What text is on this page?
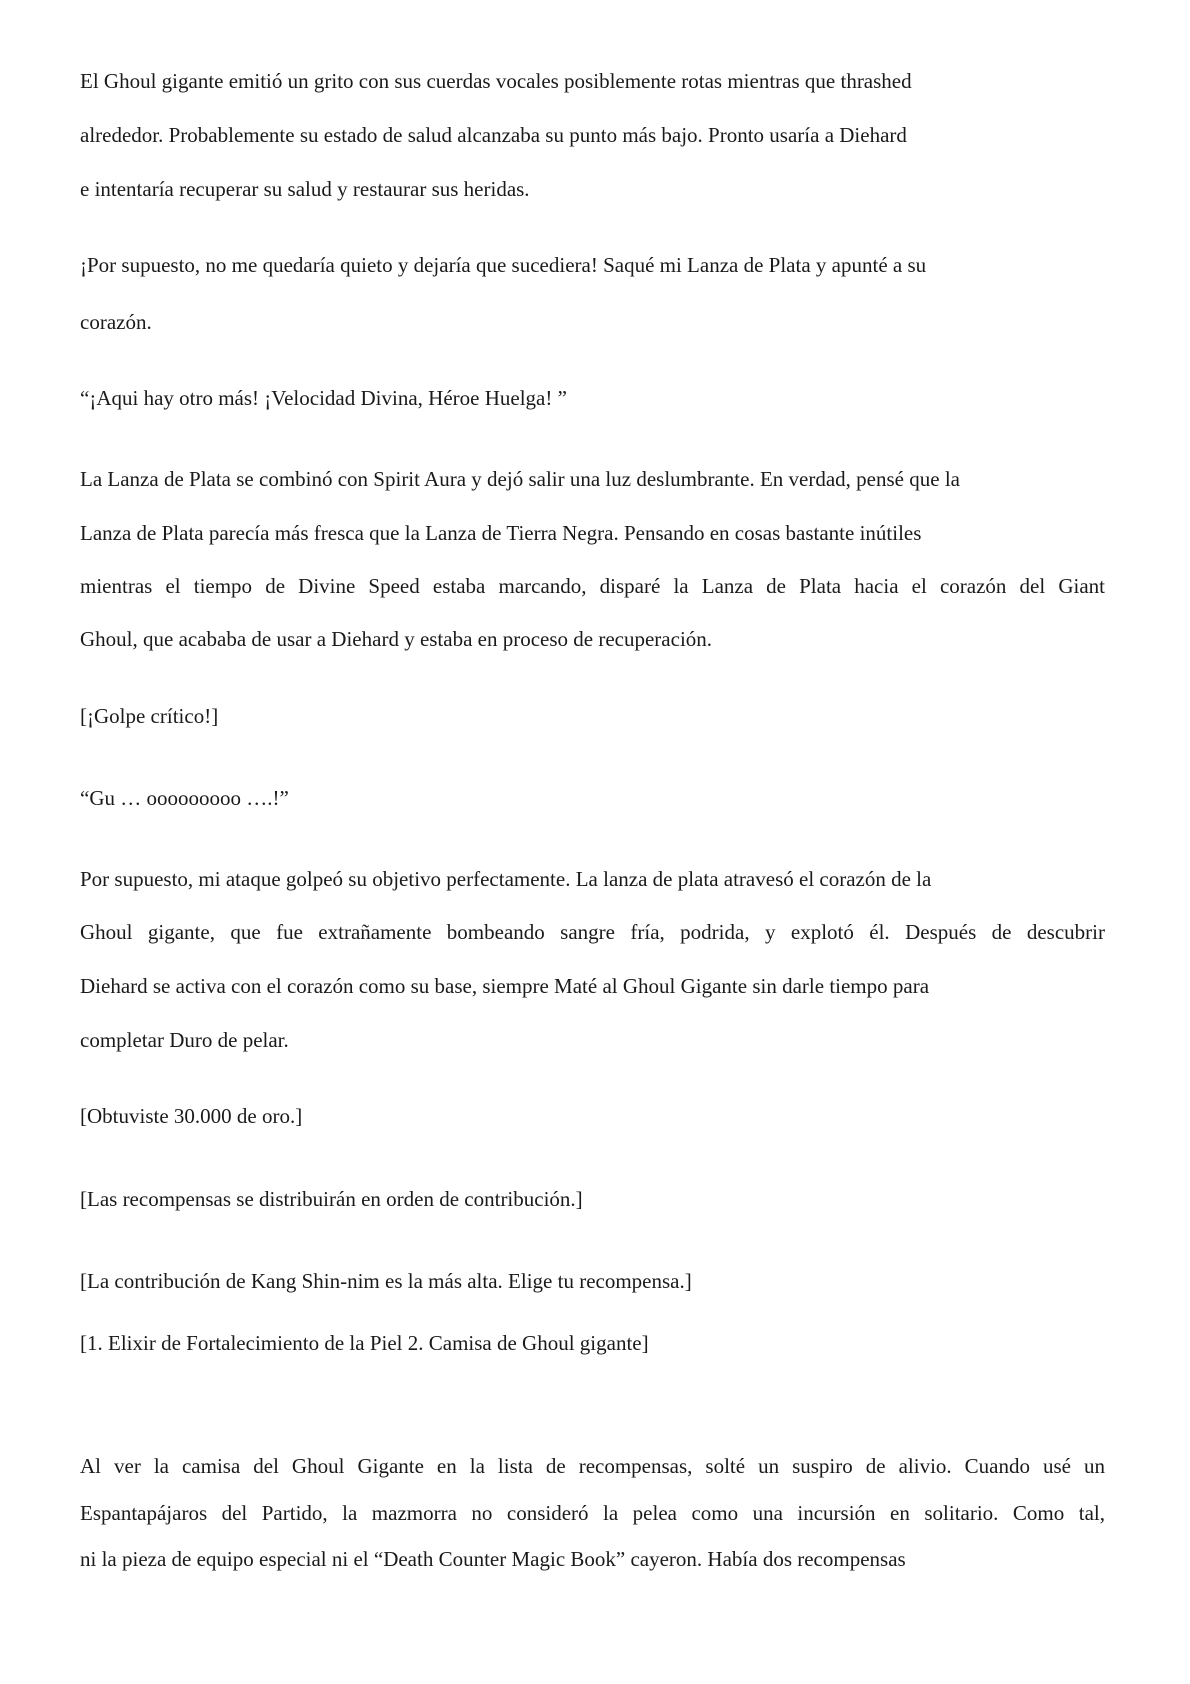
El Ghoul gigante emitió un grito con sus cuerdas vocales posiblemente rotas mientras que thrashed

alrededor. Probablemente su estado de salud alcanzaba su punto más bajo. Pronto usaría a Diehard

e intentaría recuperar su salud y restaurar sus heridas.

¡Por supuesto, no me quedaría quieto y dejaría que sucediera! Saqué mi Lanza de Plata y apunté a su

corazón.

“¡Aqui hay otro más! ¡Velocidad Divina, Héroe Huelga! ”

La Lanza de Plata se combinó con Spirit Aura y dejó salir una luz deslumbrante. En verdad, pensé que la

Lanza de Plata parecía más fresca que la Lanza de Tierra Negra. Pensando en cosas bastante inútiles

mientras el tiempo de Divine Speed estaba marcando, disparé la Lanza de Plata hacia el corazón del Giant

Ghoul, que acababa de usar a Diehard y estaba en proceso de recuperación.

[¡Golpe crítico!]

“Gu … ooooooooo ….!”

Por supuesto, mi ataque golpeó su objetivo perfectamente. La lanza de plata atravesó el corazón de la

Ghoul gigante, que fue extrañamente bombeando sangre fría, podrida, y explotó él. Después de descubrir

Diehard se activa con el corazón como su base, siempre Maté al Ghoul Gigante sin darle tiempo para

completar Duro de pelar.

[Obtuviste 30.000 de oro.]

[Las recompensas se distribuirán en orden de contribución.]

[La contribución de Kang Shin-nim es la más alta. Elige tu recompensa.]

[1. Elixir de Fortalecimiento de la Piel 2. Camisa de Ghoul gigante]

Al ver la camisa del Ghoul Gigante en la lista de recompensas, solté un suspiro de alivio. Cuando usé un

Espantapájaros del Partido, la mazmorra no consideró la pelea como una incursión en solitario. Como tal,

ni la pieza de equipo especial ni el “Death Counter Magic Book” cayeron. Había dos recompensas
